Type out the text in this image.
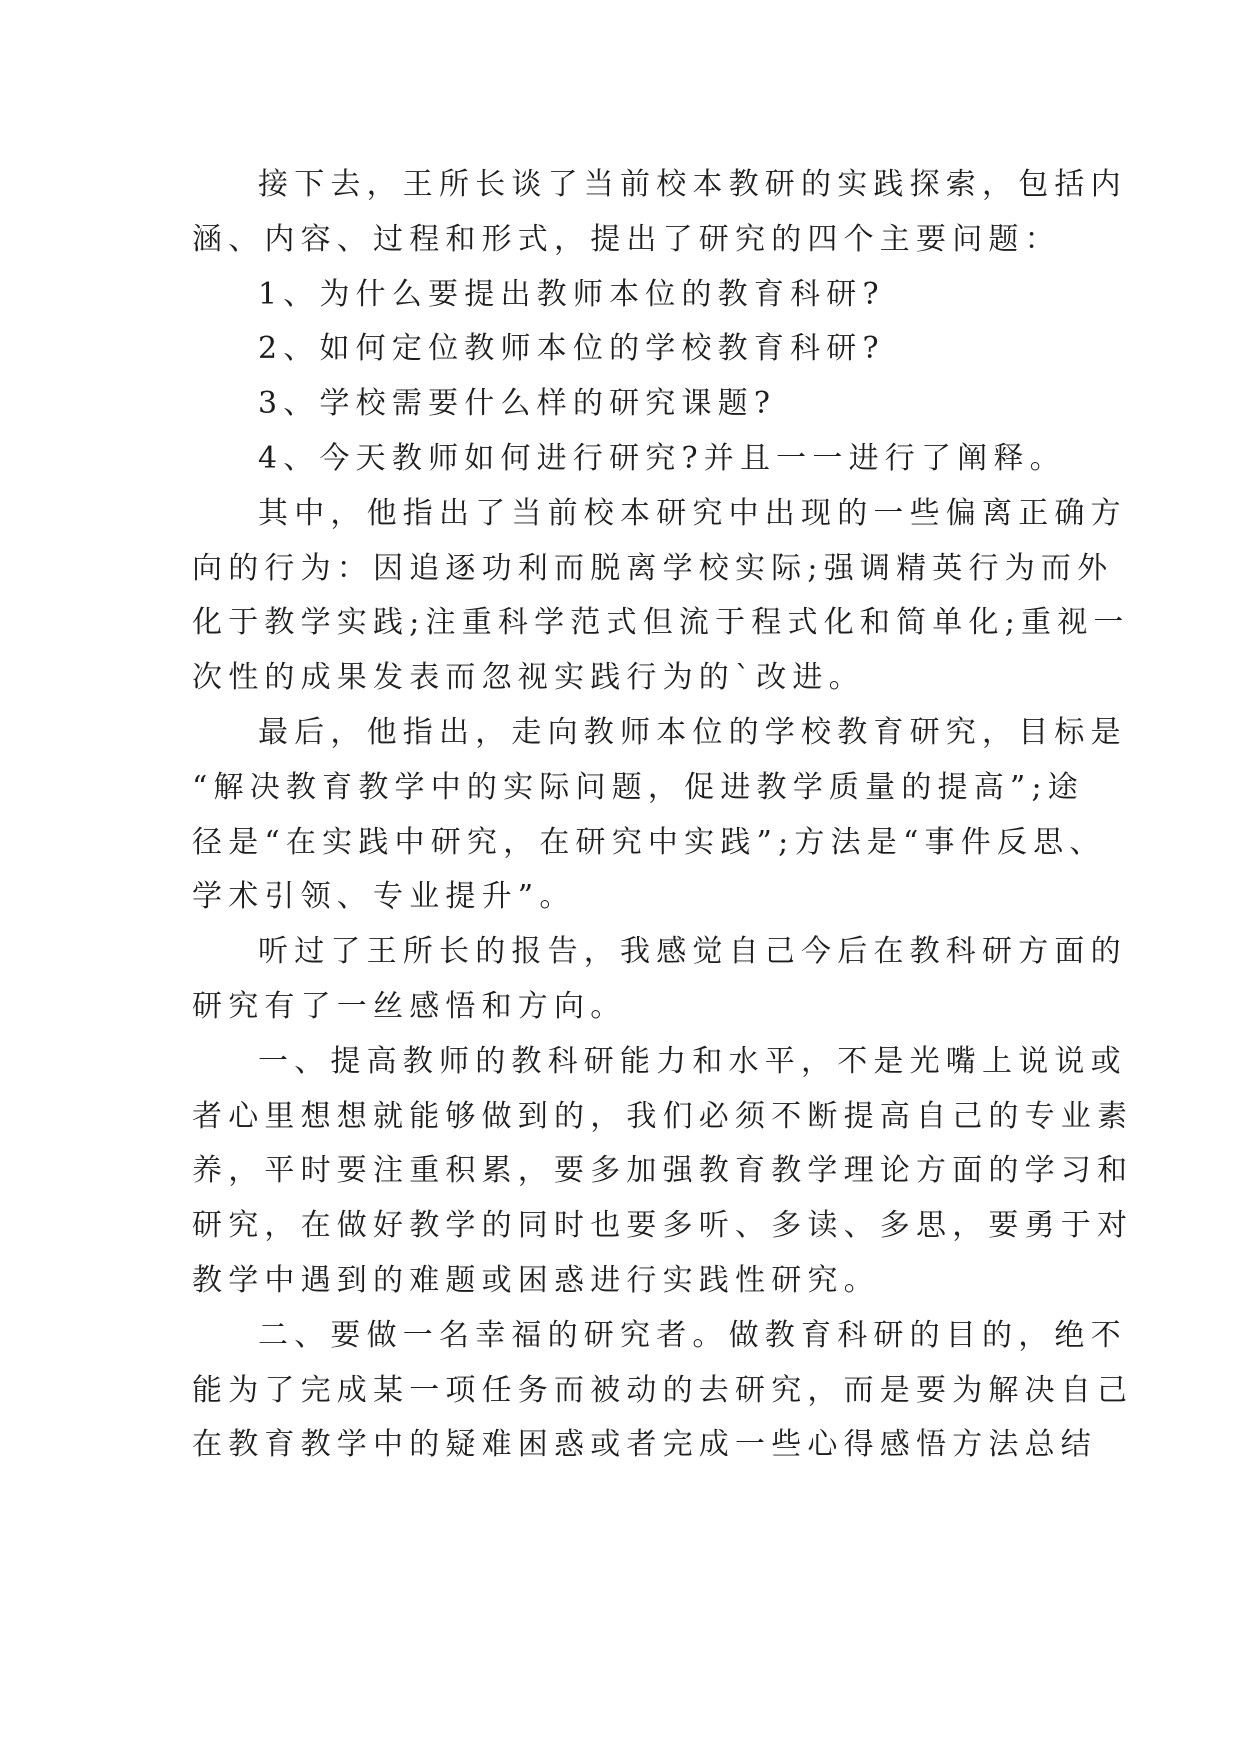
接下去，王所长谈了当前校本教研的实践探索，包括内
涵、内容、过程和形式，提出了研究的四个主要问题：
1、为什么要提出教师本位的教育科研?
2、如何定位教师本位的学校教育科研?
3、学校需要什么样的研究课题?
4、今天教师如何进行研究?并且一一进行了阐释。
其中，他指出了当前校本研究中出现的一些偏离正确方
向的行为：因追逐功利而脱离学校实际;强调精英行为而外
化于教学实践;注重科学范式但流于程式化和简单化;重视一
次性的成果发表而忽视实践行为的`改进。
最后，他指出，走向教师本位的学校教育研究，目标是
“解决教育教学中的实际问题，促进教学质量的提高”;途
径是“在实践中研究，在研究中实践”;方法是“事件反思、
学术引领、专业提升”。
听过了王所长的报告，我感觉自己今后在教科研方面的
研究有了一丝感悟和方向。
一、提高教师的教科研能力和水平，不是光嘴上说说或
者心里想想就能够做到的，我们必须不断提高自己的专业素
养，平时要注重积累，要多加强教育教学理论方面的学习和
研究，在做好教学的同时也要多听、多读、多思，要勇于对
教学中遇到的难题或困惑进行实践性研究。
二、要做一名幸福的研究者。做教育科研的目的，绝不
能为了完成某一项任务而被动的去研究，而是要为解决自己
在教育教学中的疑难困惑或者完成一些心得感悟方法总结
